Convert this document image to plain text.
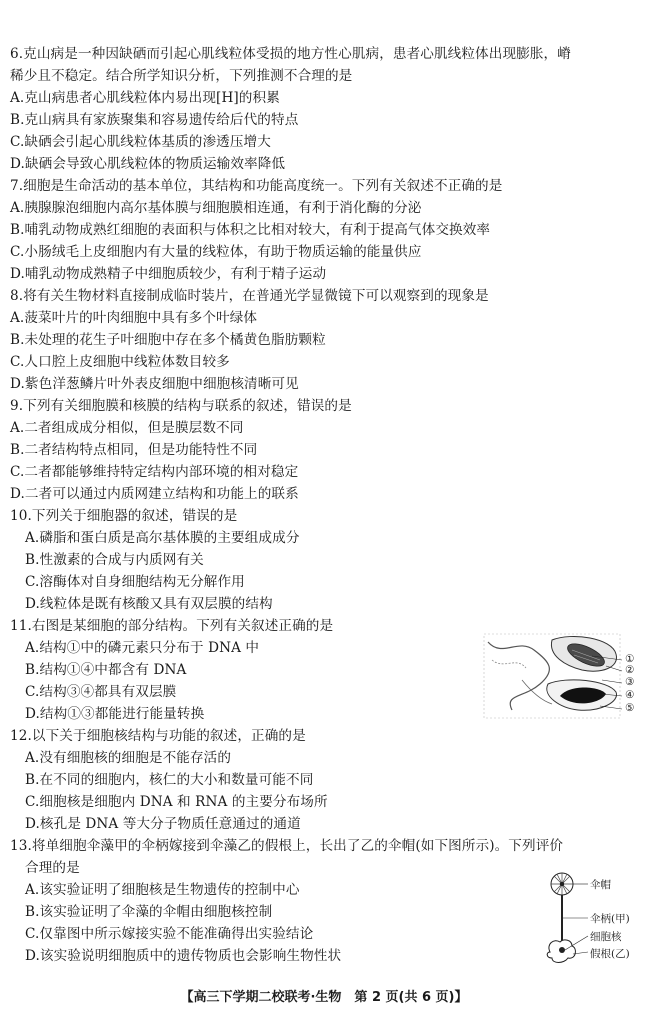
6.克山病是一种因缺硒而引起心肌线粒体受损的地方性心肌病，患者心肌线粒体出现膨胀，嵴
稀少且不稳定。结合所学知识分析，下列推测不合理的是
A.克山病患者心肌线粒体内易出现[H]的积累
B.克山病具有家族聚集和容易遗传给后代的特点
C.缺硒会引起心肌线粒体基质的渗透压增大
D.缺硒会导致心肌线粒体的物质运输效率降低
7.细胞是生命活动的基本单位，其结构和功能高度统一。下列有关叙述不正确的是
A.胰腺腺泡细胞内高尔基体膜与细胞膜相连通，有利于消化酶的分泌
B.哺乳动物成熟红细胞的表面积与体积之比相对较大，有利于提高气体交换效率
C.小肠绒毛上皮细胞内有大量的线粒体，有助于物质运输的能量供应
D.哺乳动物成熟精子中细胞质较少，有利于精子运动
8.将有关生物材料直接制成临时装片，在普通光学显微镜下可以观察到的现象是
A.菠菜叶片的叶肉细胞中具有多个叶绿体
B.未处理的花生子叶细胞中存在多个橘黄色脂肪颗粒
C.人口腔上皮细胞中线粒体数目较多
D.紫色洋葱鳞片叶外表皮细胞中细胞核清晰可见
9.下列有关细胞膜和核膜的结构与联系的叙述，错误的是
A.二者组成成分相似，但是膜层数不同
B.二者结构特点相同，但是功能特性不同
C.二者都能够维持特定结构内部环境的相对稳定
D.二者可以通过内质网建立结构和功能上的联系
10.下列关于细胞器的叙述，错误的是
A.磷脂和蛋白质是高尔基体膜的主要组成成分
B.性激素的合成与内质网有关
C.溶酶体对自身细胞结构无分解作用
D.线粒体是既有核酸又具有双层膜的结构
11.右图是某细胞的部分结构。下列有关叙述正确的是
A.结构①中的磷元素只分布于 DNA 中
B.结构①④中都含有 DNA
C.结构③④都具有双层膜
D.结构①③都能进行能量转换
①
②
③
④
⑤
12.以下关于细胞核结构与功能的叙述，正确的是
A.没有细胞核的细胞是不能存活的
B.在不同的细胞内，核仁的大小和数量可能不同
C.细胞核是细胞内 DNA 和 RNA 的主要分布场所
D.核孔是 DNA 等大分子物质任意通过的通道
13.将单细胞伞藻甲的伞柄嫁接到伞藻乙的假根上，长出了乙的伞帽(如下图所示)。下列评价
合理的是
A.该实验证明了细胞核是生物遗传的控制中心
B.该实验证明了伞藻的伞帽由细胞核控制
C.仅靠图中所示嫁接实验不能准确得出实验结论
D.该实验说明细胞质中的遗传物质也会影响生物性状
伞帽
伞柄(甲)
细胞核
假根(乙)
【高三下学期二校联考·生物　第 2 页(共 6 页)】
